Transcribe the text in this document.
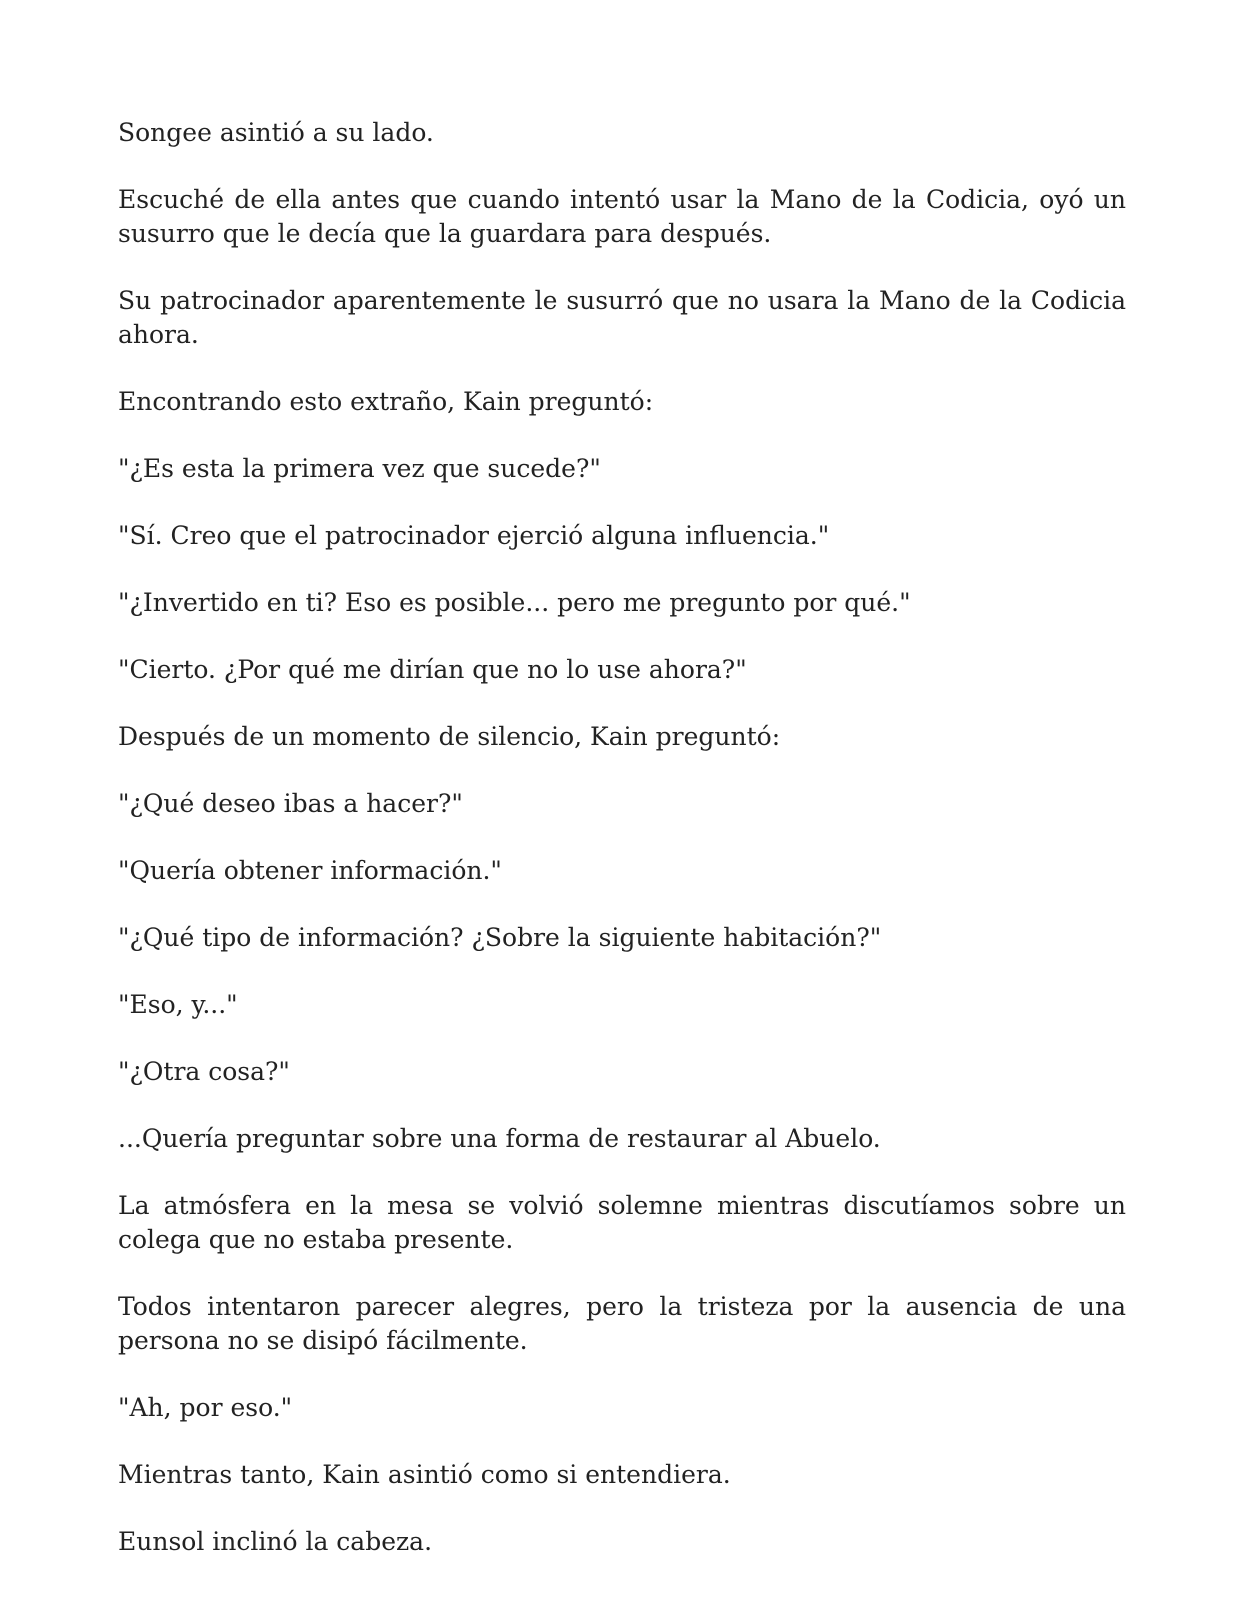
Songee asintió a su lado.

Escuché de ella antes que cuando intentó usar la Mano de la Codicia, oyó un susurro que le decía que la guardara para después.

Su patrocinador aparentemente le susurró que no usara la Mano de la Codicia ahora.

Encontrando esto extraño, Kain preguntó:

"¿Es esta la primera vez que sucede?"

"Sí. Creo que el patrocinador ejerció alguna influencia."

"¿Invertido en ti? Eso es posible... pero me pregunto por qué."

"Cierto. ¿Por qué me dirían que no lo use ahora?"

Después de un momento de silencio, Kain preguntó:

"¿Qué deseo ibas a hacer?"

"Quería obtener información."

"¿Qué tipo de información? ¿Sobre la siguiente habitación?"

"Eso, y..."

"¿Otra cosa?"

...Quería preguntar sobre una forma de restaurar al Abuelo.

La atmósfera en la mesa se volvió solemne mientras discutíamos sobre un colega que no estaba presente.

Todos intentaron parecer alegres, pero la tristeza por la ausencia de una persona no se disipó fácilmente.

"Ah, por eso."

Mientras tanto, Kain asintió como si entendiera.

Eunsol inclinó la cabeza.
